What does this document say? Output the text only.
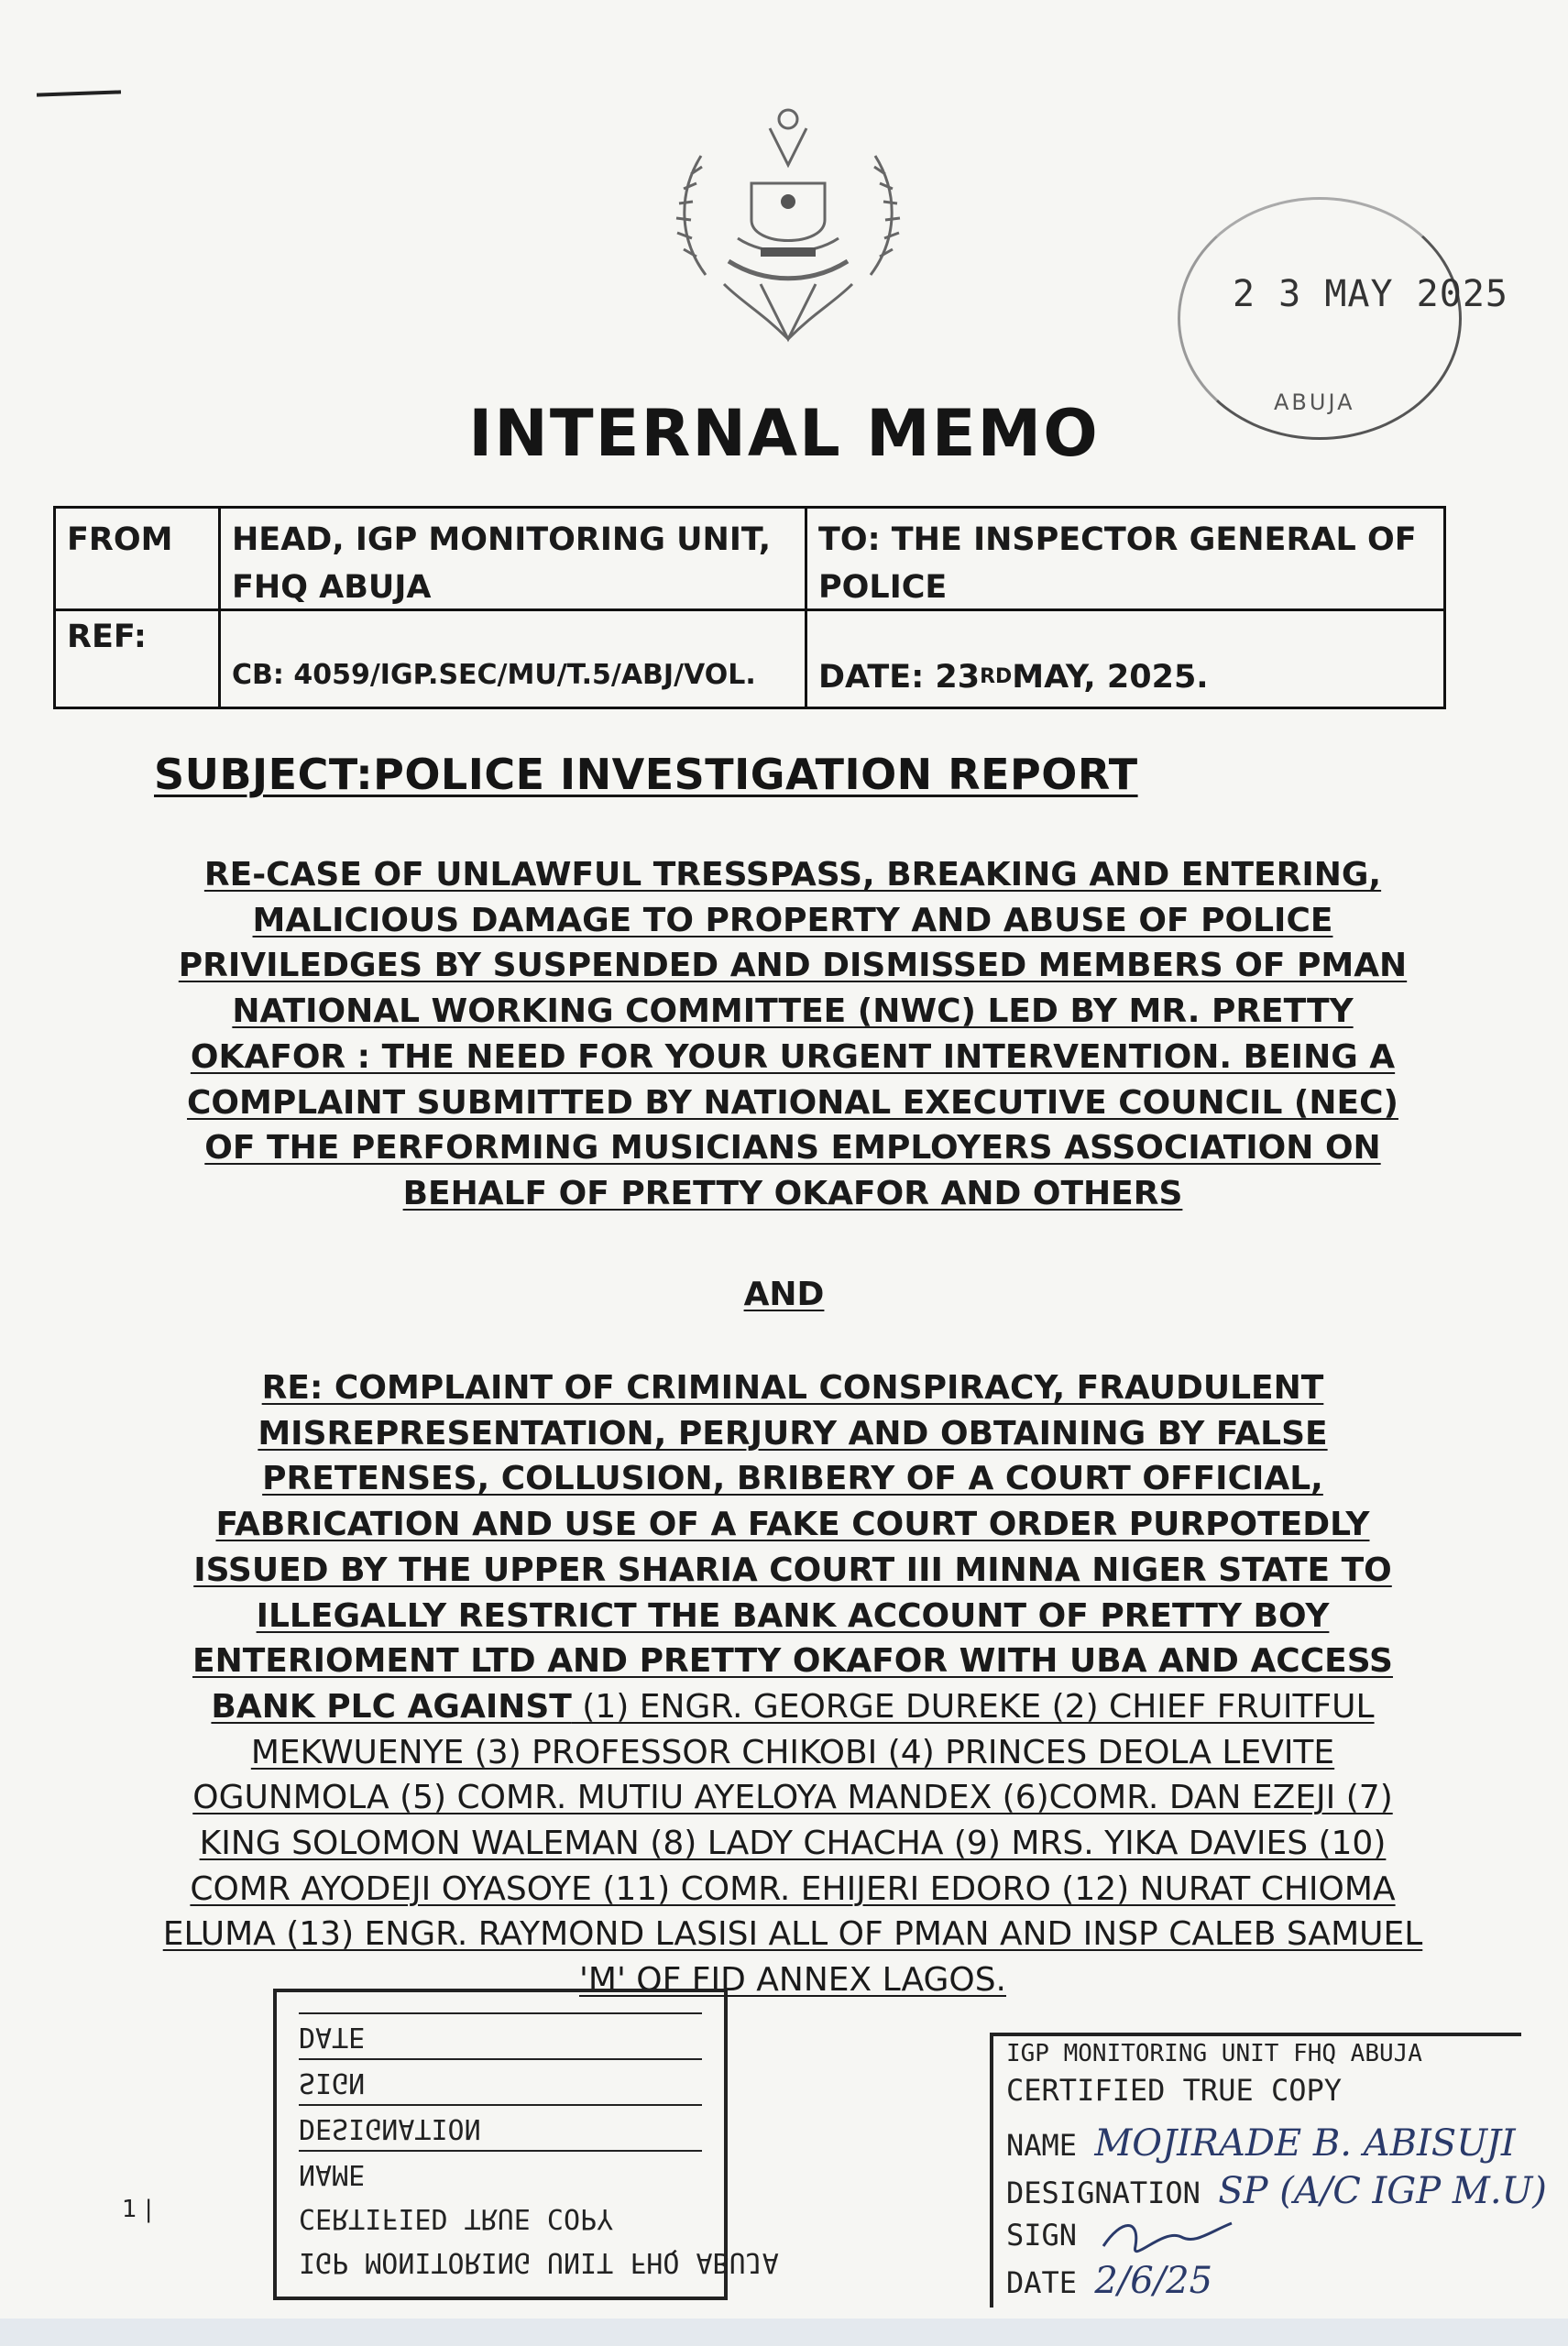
2 3 MAY 2025
ABUJA
INTERNAL MEMO
FROM	HEAD, IGP MONITORING UNIT, FHQ ABUJA
TO: THE INSPECTOR GENERAL OF POLICE
REF:
CB: 4059/IGP.SEC/MU/T.5/ABJ/VOL.	DATE: 23 RD MAY, 2025.
SUBJECT:POLICE INVESTIGATION REPORT
RE-CASE OF UNLAWFUL TRESSPASS, BREAKING AND ENTERING,
MALICIOUS DAMAGE TO PROPERTY AND ABUSE OF POLICE
PRIVILEDGES BY SUSPENDED AND DISMISSED MEMBERS OF PMAN
NATIONAL WORKING COMMITTEE (NWC) LED BY MR. PRETTY
OKAFOR : THE NEED FOR YOUR URGENT INTERVENTION. BEING A
COMPLAINT SUBMITTED BY NATIONAL EXECUTIVE COUNCIL (NEC)
OF THE PERFORMING MUSICIANS EMPLOYERS ASSOCIATION ON
BEHALF OF PRETTY OKAFOR AND OTHERS
AND
RE: COMPLAINT OF CRIMINAL CONSPIRACY, FRAUDULENT
MISREPRESENTATION, PERJURY AND OBTAINING BY FALSE
PRETENSES, COLLUSION, BRIBERY OF A COURT OFFICIAL,
FABRICATION AND USE OF A FAKE COURT ORDER PURPOTEDLY
ISSUED BY THE UPPER SHARIA COURT III MINNA NIGER STATE TO
ILLEGALLY RESTRICT THE BANK ACCOUNT OF PRETTY BOY
ENTERIOMENT LTD AND PRETTY OKAFOR WITH UBA AND ACCESS
BANK PLC AGAINST (1) ENGR. GEORGE DUREKE (2) CHIEF FRUITFUL
MEKWUENYE (3) PROFESSOR CHIKOBI (4) PRINCES DEOLA LEVITE
OGUNMOLA (5) COMR. MUTIU AYELOYA MANDEX (6)COMR. DAN EZEJI (7)
KING SOLOMON WALEMAN (8) LADY CHACHA (9) MRS. YIKA DAVIES (10)
COMR AYODEJI OYASOYE (11) COMR. EHIJERI EDORO (12) NURAT CHIOMA
ELUMA (13) ENGR. RAYMOND LASISI ALL OF PMAN AND INSP CALEB SAMUEL
'M' OF FID ANNEX LAGOS.
IGP MONITORING UNIT FHQ ABUJA
CERTIFIED TRUE COPY
NAME
DESIGNATION
SIGN
DATE
IGP MONITORING UNIT FHQ ABUJA
CERTIFIED TRUE COPY
NAME MOJIRADE B. ABISUJI
DESIGNATION SP (A/C IGP M.U)
SIGN
DATE 2/6/25
1 |
